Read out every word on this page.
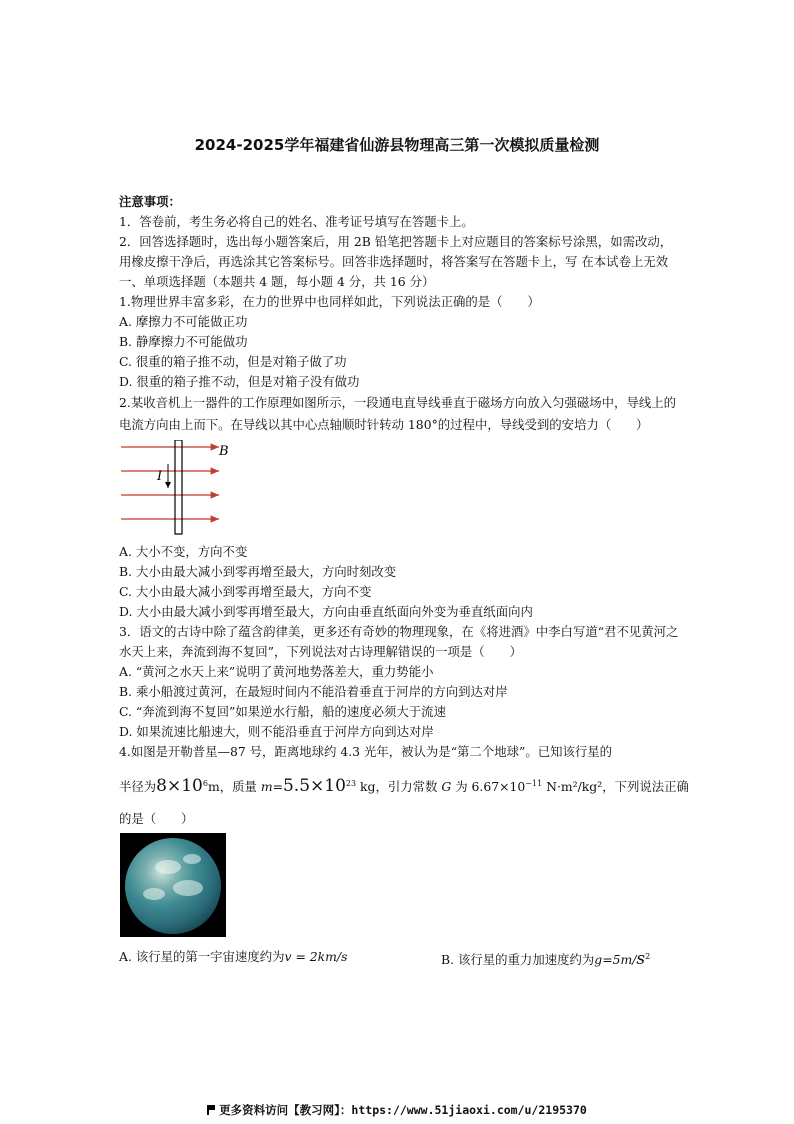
2024-2025学年福建省仙游县物理高三第一次模拟质量检测
注意事项：
1．答卷前，考生务必将自己的姓名、准考证号填写在答题卡上。
2．回答选择题时，选出每小题答案后，用 2B 铅笔把答题卡上对应题目的答案标号涂黑，如需改动，用橡皮擦干净后，再选涂其它答案标号。回答非选择题时，将答案写在答题卡上，写 在本试卷上无效
一、单项选择题（本题共 4 题，每小题 4 分，共 16 分）
1.物理世界丰富多彩，在力的世界中也同样如此，下列说法正确的是（　　）
A. 摩擦力不可能做正功
B. 静摩擦力不可能做功
C. 很重的箱子推不动，但是对箱子做了功
D. 很重的箱子推不动，但是对箱子没有做功
2.某收音机上一器件的工作原理如图所示，一段通电直导线垂直于磁场方向放入匀强磁场中，导线上的电流方向由上而下。在导线以其中心点轴顺时针转动 180°的过程中，导线受到的安培力（　　）
B
I
A. 大小不变，方向不变
B. 大小由最大减小到零再增至最大，方向时刻改变
C. 大小由最大减小到零再增至最大，方向不变
D. 大小由最大减小到零再增至最大，方向由垂直纸面向外变为垂直纸面向内
3．语文的古诗中除了蕴含韵律美，更多还有奇妙的物理现象，在《将进酒》中李白写道“君不见黄河之水天上来，奔流到海不复回”，下列说法对古诗理解错误的一项是（　　）
A. “黄河之水天上来”说明了黄河地势落差大，重力势能小
B. 乘小船渡过黄河，在最短时间内不能沿着垂直于河岸的方向到达对岸
C. “奔流到海不复回”如果逆水行船，船的速度必须大于流速
D. 如果流速比船速大，则不能沿垂直于河岸方向到达对岸
4.如图是开勒普星—87 号，距离地球约 4.3 光年，被认为是“第二个地球”。已知该行星的
半径为$8\times 10^6m$，质量 $m=5.5\times 10^{23}$ kg，引力常数 G 为 $6.67\times 10^{-11}$ N·m²/kg²，下列说法正确
的是（　　）
A. 该行星的第一宇宙速度约为v = 2km/s	B. 该行星的重力加速度约为$g=5m/s^2$
更多资料访问【教习网】：https://www.51jiaoxi.com/u/2195370
